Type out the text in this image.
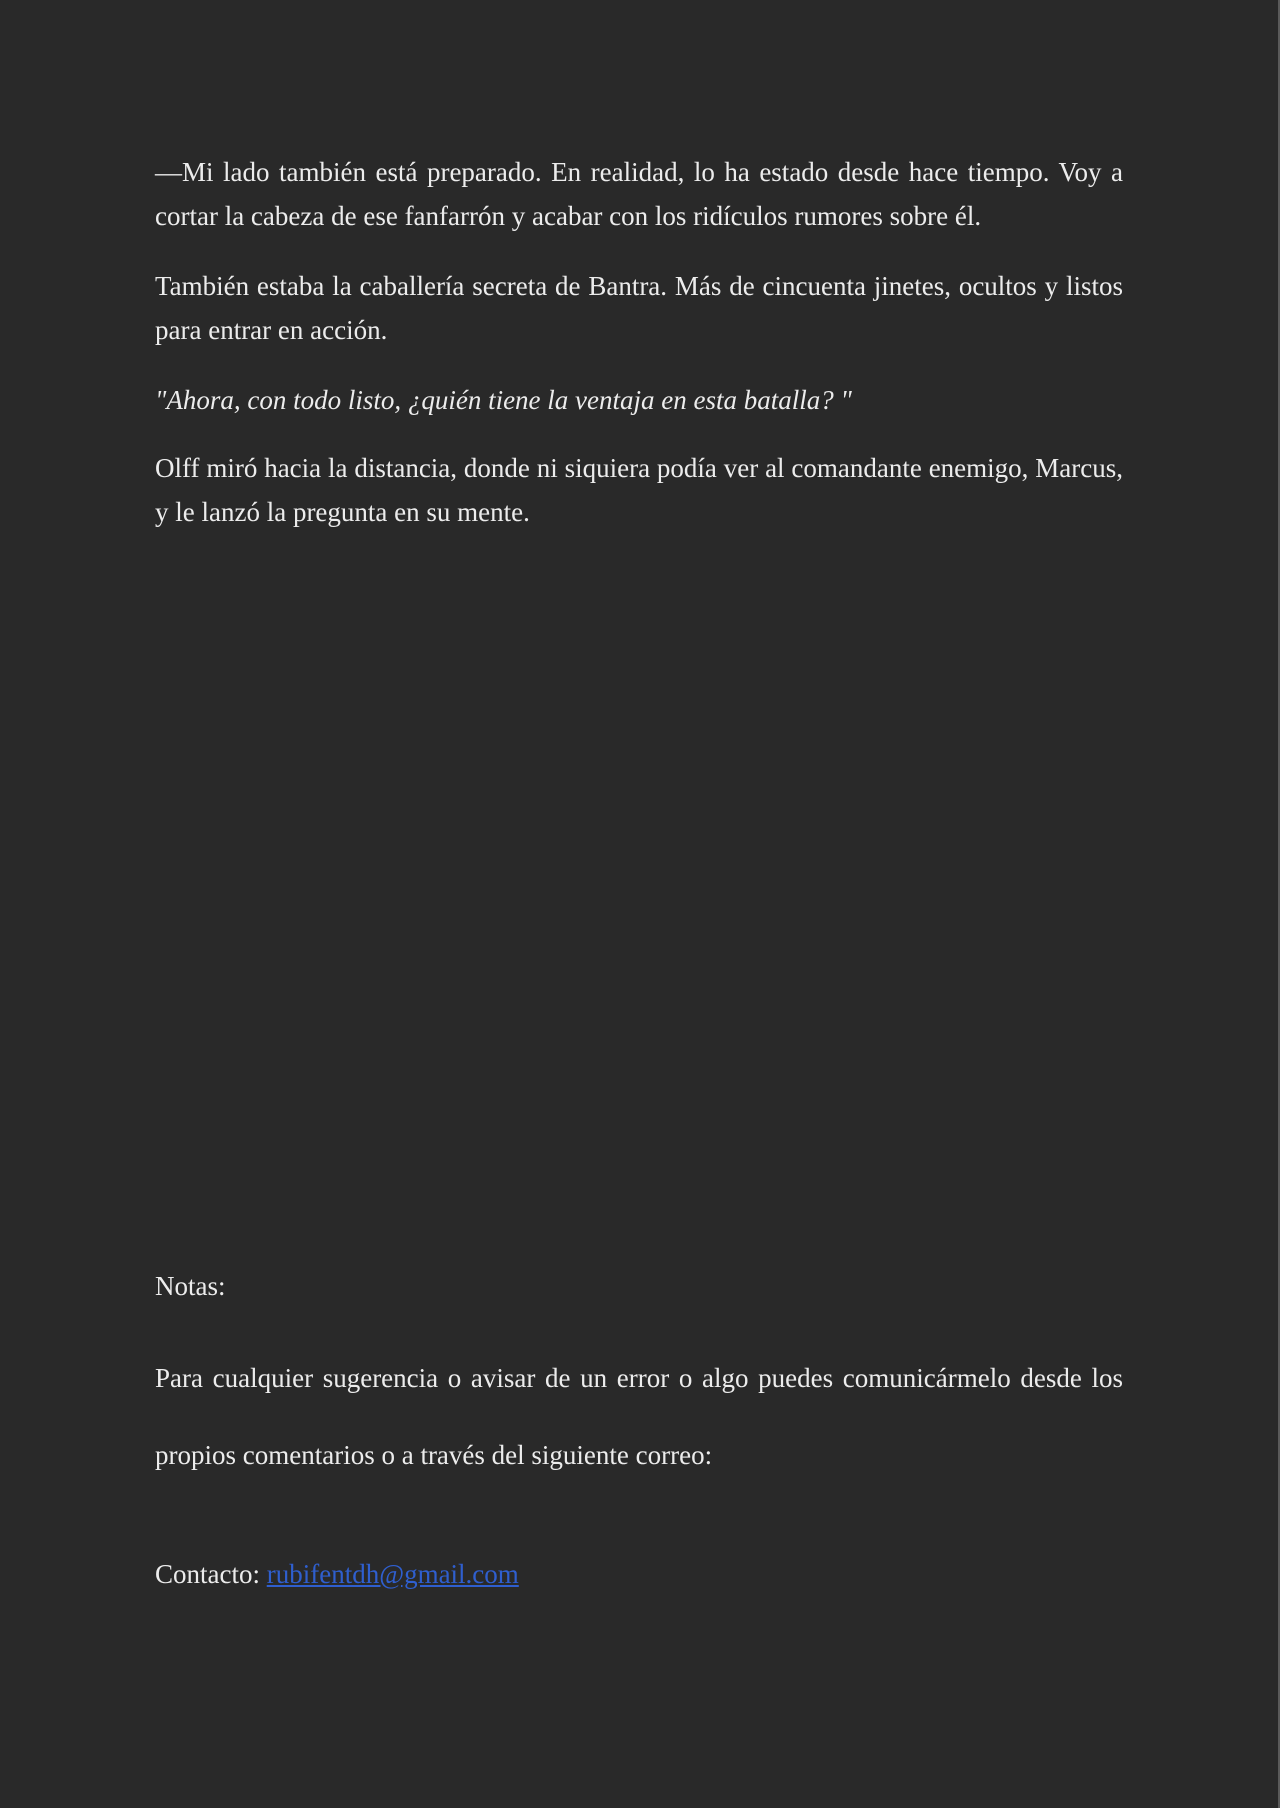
—Mi lado también está preparado. En realidad, lo ha estado desde hace tiempo. Voy a cortar la cabeza de ese fanfarrón y acabar con los ridículos rumores sobre él.

También estaba la caballería secreta de Bantra. Más de cincuenta jinetes, ocultos y listos para entrar en acción.

"Ahora, con todo listo, ¿quién tiene la ventaja en esta batalla? "

Olff miró hacia la distancia, donde ni siquiera podía ver al comandante enemigo, Marcus, y le lanzó la pregunta en su mente.

Notas:

Para cualquier sugerencia o avisar de un error o algo puedes comunicármelo desde los propios comentarios o a través del siguiente correo:

Contacto: rubifentdh@gmail.com
